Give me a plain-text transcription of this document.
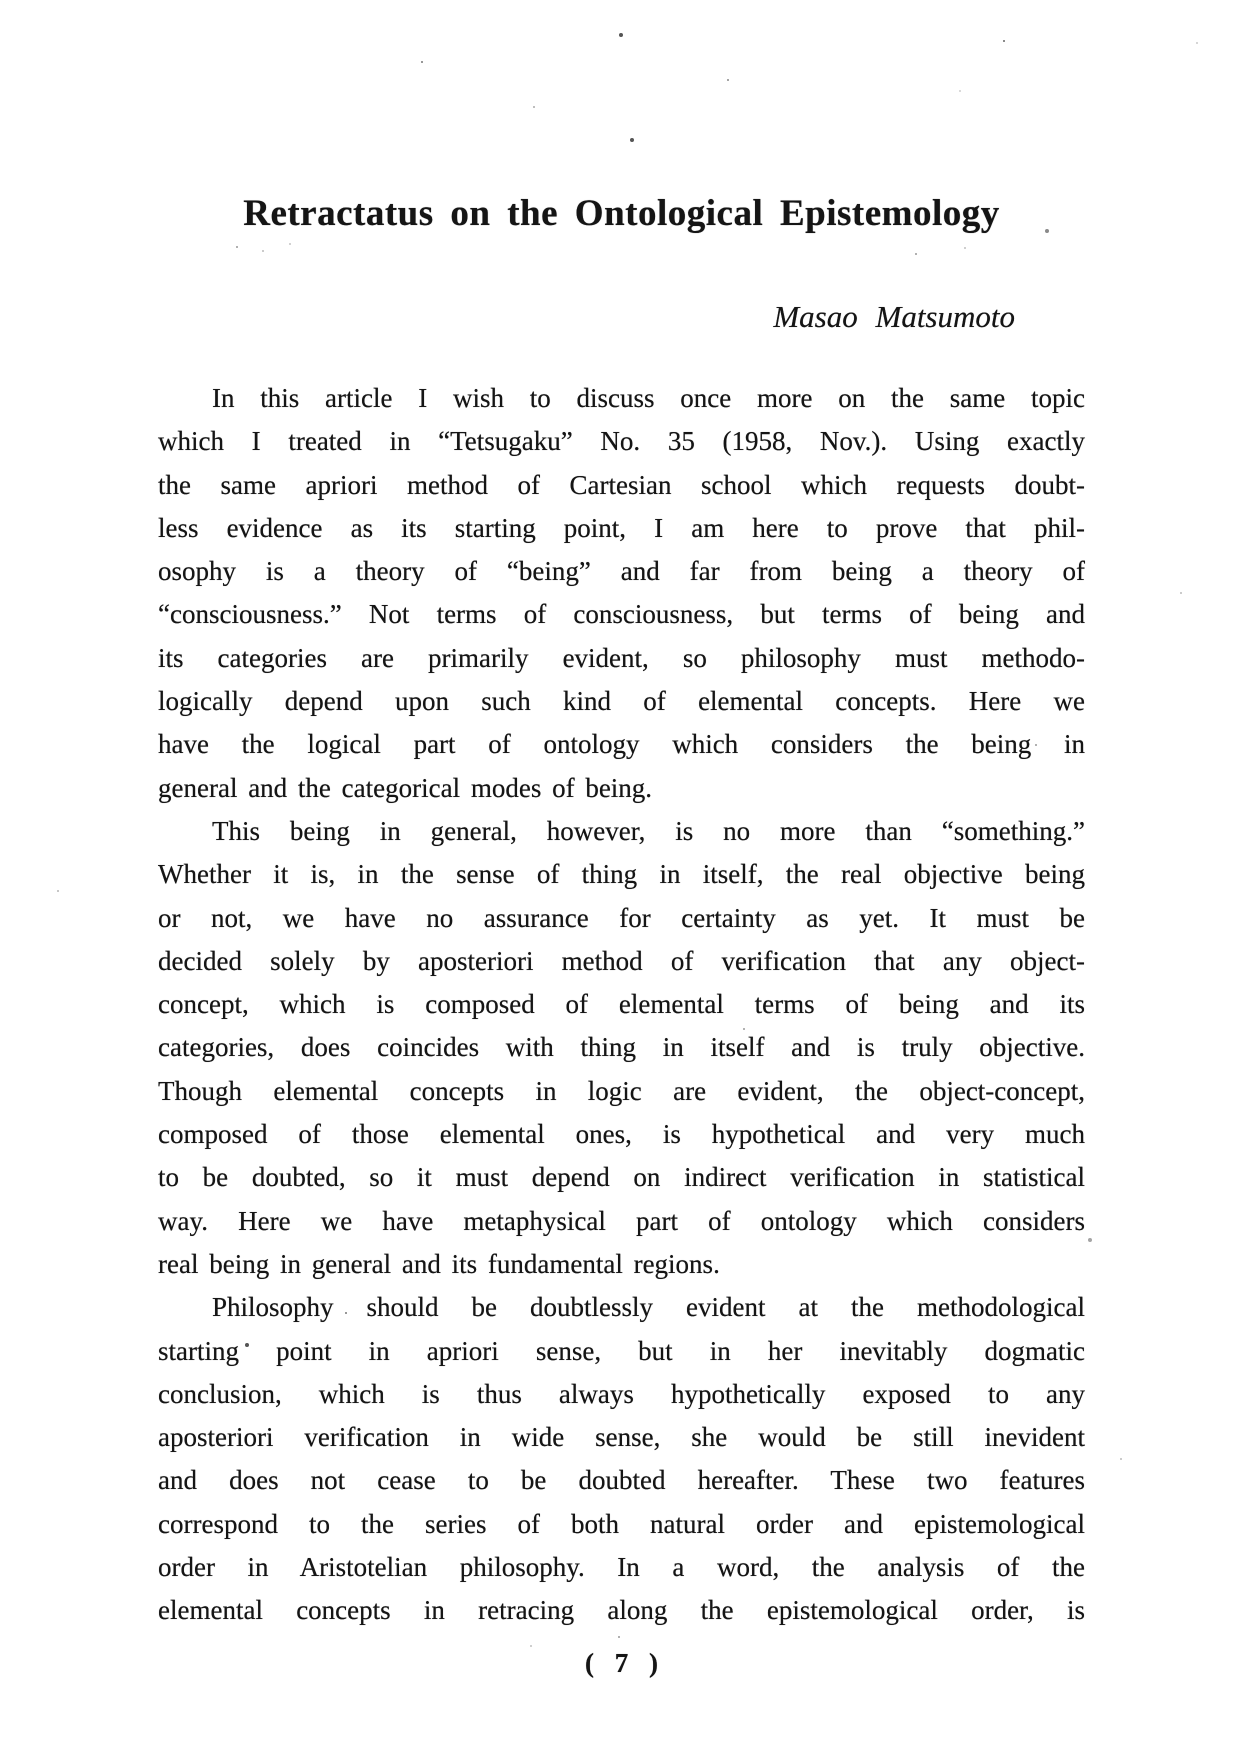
Retractatus on the Ontological Epistemology
Masao Matsumoto
In this article I wish to discuss once more on the same topic
which I treated in “Tetsugaku” No. 35 (1958, Nov.). Using exactly
the same apriori method of Cartesian school which requests doubt-
less evidence as its starting point, I am here to prove that phil-
osophy is a theory of “being” and far from being a theory of
“consciousness.” Not terms of consciousness, but terms of being and
its categories are primarily evident, so philosophy must methodo-
logically depend upon such kind of elemental concepts. Here we
have the logical part of ontology which considers the being in
general and the categorical modes of being.
This being in general, however, is no more than “something.”
Whether it is, in the sense of thing in itself, the real objective being
or not, we have no assurance for certainty as yet. It must be
decided solely by aposteriori method of verification that any object-
concept, which is composed of elemental terms of being and its
categories, does coincides with thing in itself and is truly objective.
Though elemental concepts in logic are evident, the object-concept,
composed of those elemental ones, is hypothetical and very much
to be doubted, so it must depend on indirect verification in statistical
way. Here we have metaphysical part of ontology which considers
real being in general and its fundamental regions.
Philosophy should be doubtlessly evident at the methodological
starting point in apriori sense, but in her inevitably dogmatic
conclusion, which is thus always hypothetically exposed to any
aposteriori verification in wide sense, she would be still inevident
and does not cease to be doubted hereafter. These two features
correspond to the series of both natural order and epistemological
order in Aristotelian philosophy. In a word, the analysis of the
elemental concepts in retracing along the epistemological order, is
( 7 )
